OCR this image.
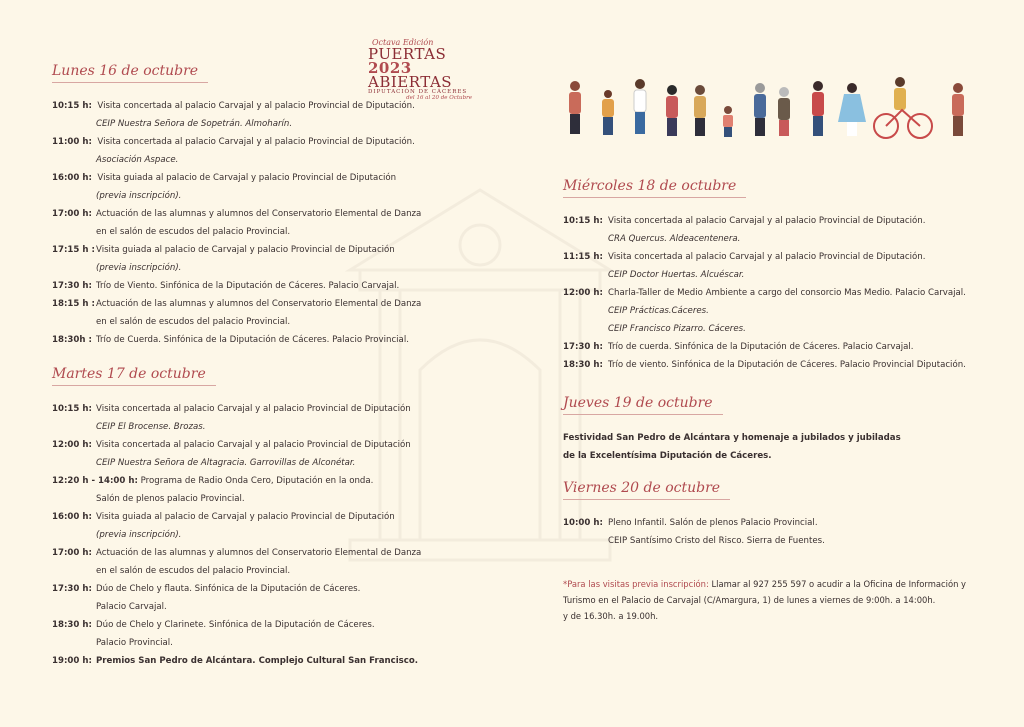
Octava Edición
PUERTAS
2023 ABIERTAS
DIPUTACIÓN DE CÁCERES
del 16 al 20 de Octubre
Lunes 16 de octubre
10:15 h:
Visita concertada al palacio Carvajal y al palacio Provincial de Diputación.
CEIP Nuestra Señora de Sopetrán. Almoharín.
11:00 h:
Visita concertada al palacio Carvajal y al palacio Provincial de Diputación.
Asociación Aspace.
16:00 h:
Visita guiada al palacio de Carvajal y palacio Provincial de Diputación
(previa inscripción).
17:00 h: Actuación de las alumnas y alumnos del Conservatorio Elemental de Danza
en el salón de escudos del palacio Provincial.
17:15 h : Visita guiada al palacio de Carvajal y palacio Provincial de Diputación
(previa inscripción).
17:30 h: Trío de Viento. Sinfónica de la Diputación de Cáceres. Palacio Carvajal.
18:15 h : Actuación de las alumnas y alumnos del Conservatorio Elemental de Danza
en el salón de escudos del palacio Provincial.
18:30h : Trío de Cuerda. Sinfónica de la Diputación de Cáceres. Palacio Provincial.
Martes 17 de octubre
10:15 h: Visita concertada al palacio Carvajal y al palacio Provincial de Diputación
CEIP El Brocense. Brozas.
12:00 h: Visita concertada al palacio Carvajal y al palacio Provincial de Diputación
CEIP Nuestra Señora de Altagracia. Garrovillas de Alconétar.
12:20 h - 14:00 h:
Programa de Radio Onda Cero, Diputación en la onda.
Salón de plenos palacio Provincial.
16:00 h: Visita guiada al palacio de Carvajal y palacio Provincial de Diputación
(previa inscripción).
17:00 h: Actuación de las alumnas y alumnos del Conservatorio Elemental de Danza
en el salón de escudos del palacio Provincial.
17:30 h: Dúo de Chelo y flauta. Sinfónica de la Diputación de Cáceres.
Palacio Carvajal.
18:30 h: Dúo de Chelo y Clarinete. Sinfónica de la Diputación de Cáceres.
Palacio Provincial.
19:00 h: Premios San Pedro de Alcántara. Complejo Cultural San Francisco.
Miércoles 18 de octubre
10:15 h: Visita concertada al palacio Carvajal y al palacio Provincial de Diputación.
CRA Quercus. Aldeacentenera.
11:15 h: Visita concertada al palacio Carvajal y al palacio Provincial de Diputación.
CEIP Doctor Huertas. Alcuéscar.
12:00 h: Charla-Taller de Medio Ambiente a cargo del consorcio Mas Medio. Palacio Carvajal.
CEIP Prácticas.Cáceres.
CEIP Francisco Pizarro. Cáceres.
17:30 h: Trío de cuerda. Sinfónica de la Diputación de Cáceres. Palacio Carvajal.
18:30 h: Trío de viento. Sinfónica de la Diputación de Cáceres. Palacio Provincial Diputación.
Jueves 19 de octubre
Festividad San Pedro de Alcántara y homenaje a jubilados y jubiladas
de la Excelentísima Diputación de Cáceres.
Viernes 20 de octubre
10:00 h: Pleno Infantil. Salón de plenos Palacio Provincial.
CEIP Santísimo Cristo del Risco. Sierra de Fuentes.
*Para las visitas previa inscripción: Llamar al 927 255 597 o acudir a la Oficina de Información y
Turismo en el Palacio de Carvajal (C/Amargura, 1) de lunes a viernes de 9:00h. a 14:00h.
y de 16.30h. a 19.00h.
